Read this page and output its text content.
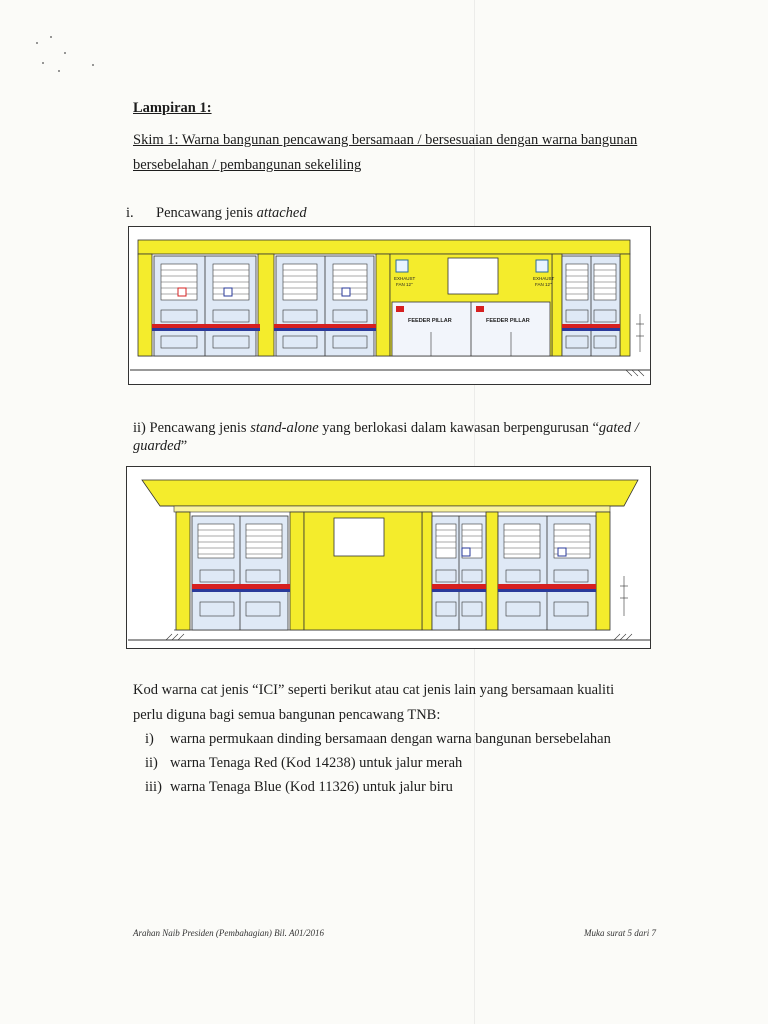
Lampiran 1:
Skim 1: Warna bangunan pencawang bersamaan / bersesuaian dengan warna bangunan
bersebelahan / pembangunan sekeliling
i. Pencawang jenis attached
EXHAUST
FAN 12"
EXHAUST
FAN 12"
FEEDER PILLAR	FEEDER PILLAR
ii) Pencawang jenis stand-alone yang berlokasi dalam kawasan berpengurusan “gated /
guarded”
Kod warna cat jenis “ICI” seperti berikut atau cat jenis lain yang bersamaan kualiti
perlu diguna bagi semua bangunan pencawang TNB:
i) warna permukaan dinding bersamaan dengan warna bangunan bersebelahan
ii) warna Tenaga Red (Kod 14238) untuk jalur merah
iii) warna Tenaga Blue (Kod 11326) untuk jalur biru
Arahan Naib Presiden (Pembahagian) Bil. A01/2016	Muka surat 5 dari 7
